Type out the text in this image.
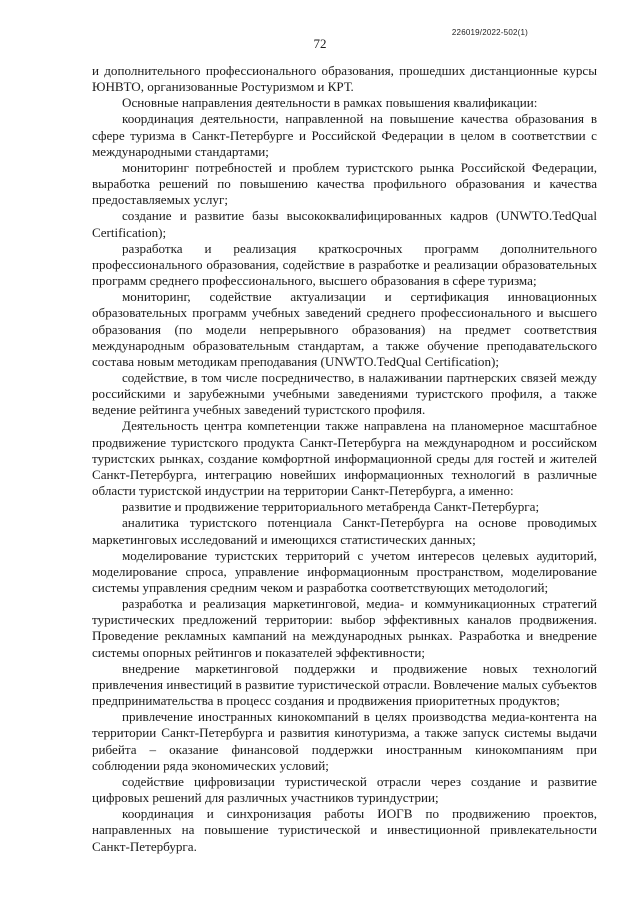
226019/2022-502(1)
72

и дополнительного профессионального образования, прошедших дистанционные курсы ЮНВТО, организованные Ростуризмом и КРТ.

Основные направления деятельности в рамках повышения квалификации:

координация деятельности, направленной на повышение качества образования в сфере туризма в Санкт-Петербурге и Российской Федерации в целом в соответствии с международными стандартами;

мониторинг потребностей и проблем туристского рынка Российской Федерации, выработка решений по повышению качества профильного образования и качества предоставляемых услуг;

создание и развитие базы высококвалифицированных кадров (UNWTO.TedQual Certification);

разработка и реализация краткосрочных программ дополнительного профессионального образования, содействие в разработке и реализации образовательных программ среднего профессионального, высшего образования в сфере туризма;

мониторинг, содействие актуализации и сертификация инновационных образовательных программ учебных заведений среднего профессионального и высшего образования (по модели непрерывного образования) на предмет соответствия международным образовательным стандартам, а также обучение преподавательского состава новым методикам преподавания (UNWTO.TedQual Certification);

содействие, в том числе посредничество, в налаживании партнерских связей между российскими и зарубежными учебными заведениями туристского профиля, а также ведение рейтинга учебных заведений туристского профиля.

Деятельность центра компетенции также направлена на планомерное масштабное продвижение туристского продукта Санкт-Петербурга на международном и российском туристских рынках, создание комфортной информационной среды для гостей и жителей Санкт-Петербурга, интеграцию новейших информационных технологий в различные области туристской индустрии на территории Санкт-Петербурга, а именно:

развитие и продвижение территориального метабренда Санкт-Петербурга;

аналитика туристского потенциала Санкт-Петербурга на основе проводимых маркетинговых исследований и имеющихся статистических данных;

моделирование туристских территорий с учетом интересов целевых аудиторий, моделирование спроса, управление информационным пространством, моделирование системы управления средним чеком и разработка соответствующих методологий;

разработка и реализация маркетинговой, медиа- и коммуникационных стратегий туристических предложений территории: выбор эффективных каналов продвижения. Проведение рекламных кампаний на международных рынках. Разработка и внедрение системы опорных рейтингов и показателей эффективности;

внедрение маркетинговой поддержки и продвижение новых технологий привлечения инвестиций в развитие туристической отрасли. Вовлечение малых субъектов предпринимательства в процесс создания и продвижения приоритетных продуктов;

привлечение иностранных кинокомпаний в целях производства медиа-контента на территории Санкт-Петербурга и развития кинотуризма, а также запуск системы выдачи рибейта – оказание финансовой поддержки иностранным кинокомпаниям при соблюдении ряда экономических условий;

содействие цифровизации туристической отрасли через создание и развитие цифровых решений для различных участников туриндустрии;

координация и синхронизация работы ИОГВ по продвижению проектов, направленных на повышение туристической и инвестиционной привлекательности Санкт-Петербурга.
